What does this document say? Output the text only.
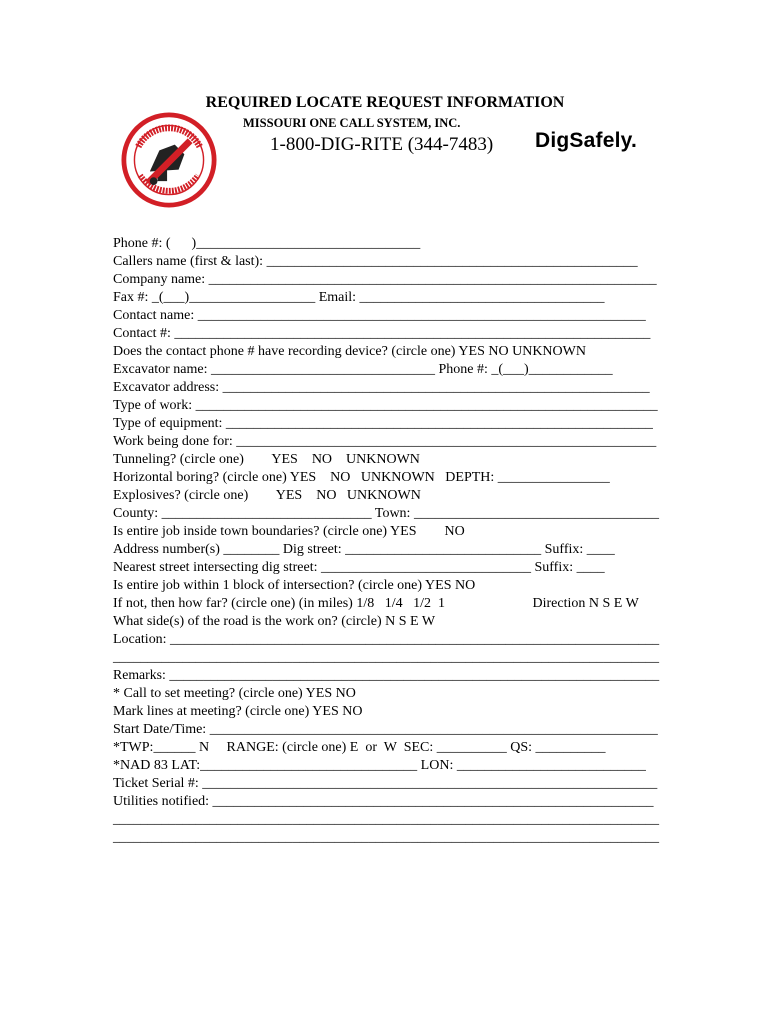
REQUIRED LOCATE REQUEST INFORMATION
MISSOURI ONE CALL SYSTEM, INC.
1-800-DIG-RITE (344-7483) DigSafely.
Phone #: (      )________________________________
Callers name (first & last): _____________________________________________________
Company name: ________________________________________________________________
Fax #: _(___)__________________ Email: ___________________________________
Contact name: ________________________________________________________________
Contact #: ____________________________________________________________________
Does the contact phone # have recording device? (circle one) YES NO UNKNOWN
Excavator name: ________________________________ Phone #: _(___)____________
Excavator address: _____________________________________________________________
Type of work: __________________________________________________________________
Type of equipment: _____________________________________________________________
Work being done for: ____________________________________________________________
Tunneling? (circle one)        YES    NO    UNKNOWN
Horizontal boring? (circle one) YES    NO   UNKNOWN   DEPTH: ________________
Explosives? (circle one)        YES    NO   UNKNOWN
County: ______________________________ Town: ___________________________________
Is entire job inside town boundaries? (circle one) YES        NO
Address number(s) ________ Dig street: ____________________________ Suffix: ____
Nearest street intersecting dig street: ______________________________ Suffix: ____
Is entire job within 1 block of intersection? (circle one) YES NO
If not, then how far? (circle one) (in miles) 1/8   1/4   1/2  1                         Direction N S E W
What side(s) of the road is the work on? (circle) N S E W
Location: ______________________________________________________________________
_______________________________________________________________________________
Remarks: _______________________________________________________________________
* Call to set meeting? (circle one) YES NO
Mark lines at meeting? (circle one) YES NO
Start Date/Time: ________________________________________________________________
*TWP:______ N     RANGE: (circle one) E  or  W  SEC: __________ QS: __________
*NAD 83 LAT:_______________________________ LON: ___________________________
Ticket Serial #: _________________________________________________________________
Utilities notified: _______________________________________________________________
_______________________________________________________________________________
_______________________________________________________________________________
